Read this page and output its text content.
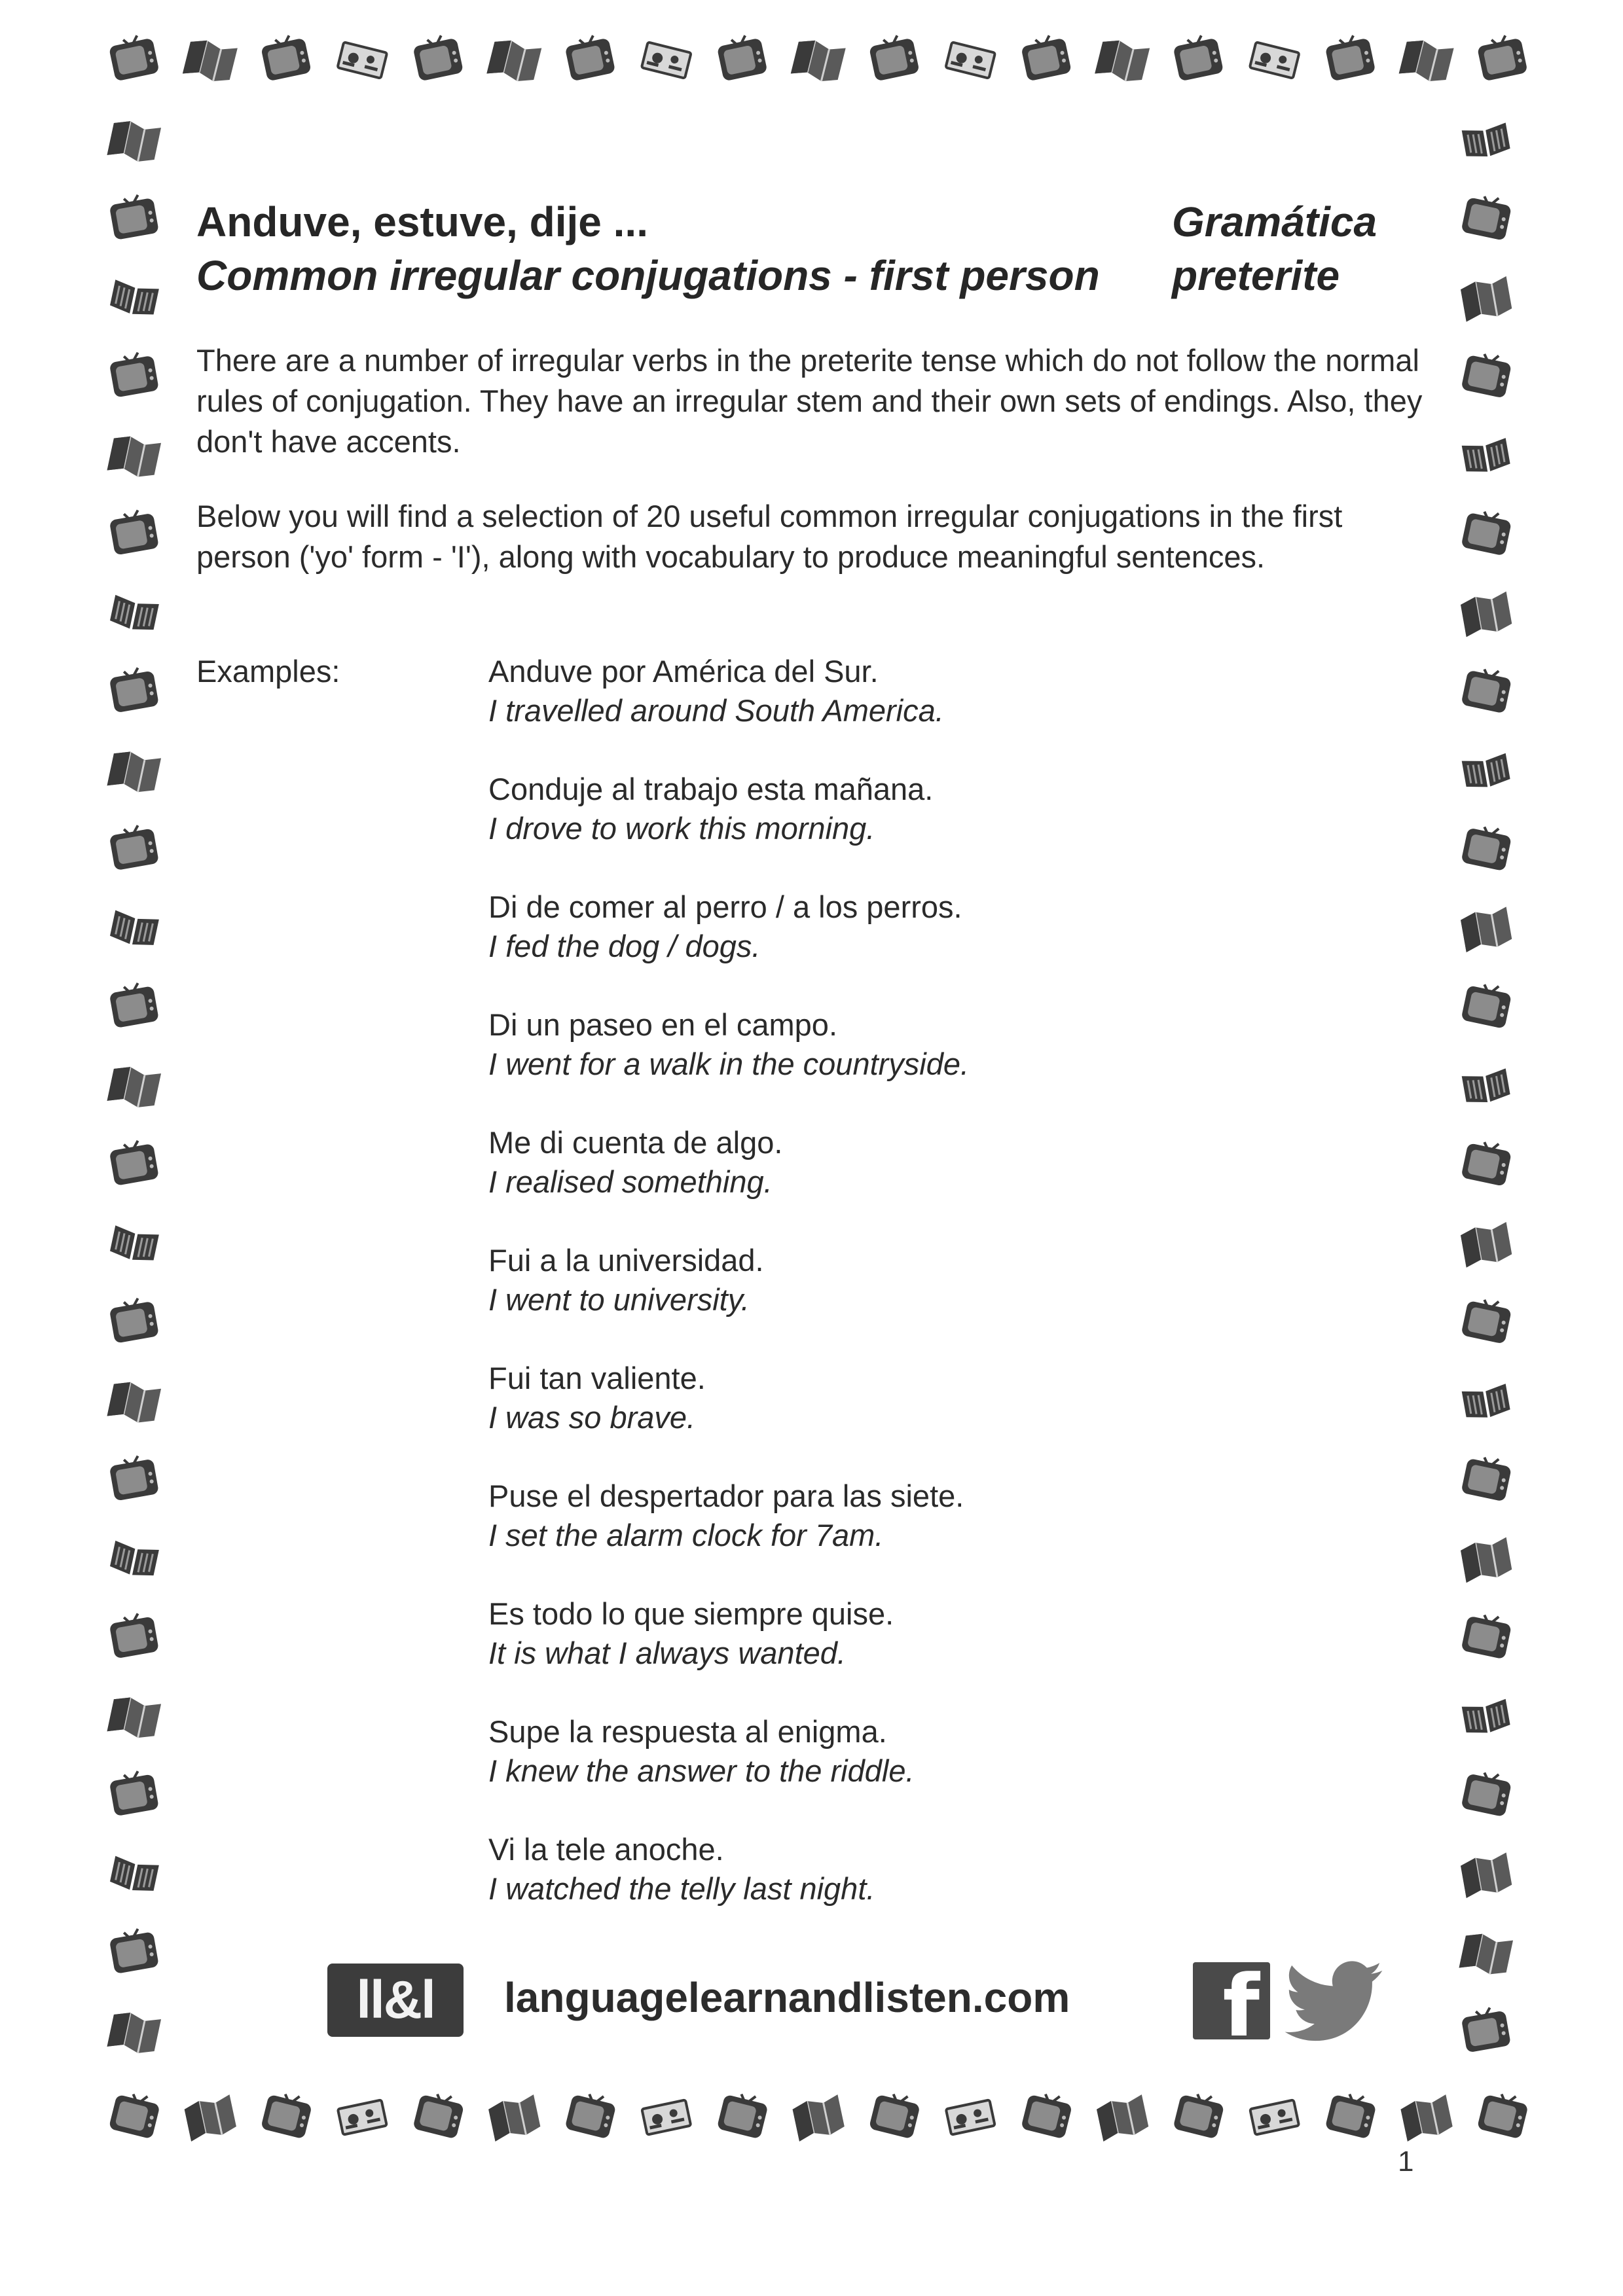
Anduve, estuve, dije ...
Common irregular conjugations - first person
Gramática
preterite
There are a number of irregular verbs in the preterite tense which do not follow the normal rules of conjugation. They have an irregular stem and their own sets of endings. Also, they don't have accents.
Below you will find a selection of 20 useful common irregular conjugations in the first person ('yo' form - 'I'), along with vocabulary to produce meaningful sentences.
Examples:	Anduve por América del Sur.
I travelled around South America.
Conduje al trabajo esta mañana.
I drove to work this morning.
Di de comer al perro / a los perros.
I fed the dog / dogs.
Di un paseo en el campo.
I went for a walk in the countryside.
Me di cuenta de algo.
I realised something.
Fui a la universidad.
I went to university.
Fui tan valiente.
I was so brave.
Puse el despertador para las siete.
I set the alarm clock for 7am.
Es todo lo que siempre quise.
It is what I always wanted.
Supe la respuesta al enigma.
I knew the answer to the riddle.
Vi la tele anoche.
I watched the telly last night.
ll&l	languagelearnandlisten.com f
1
